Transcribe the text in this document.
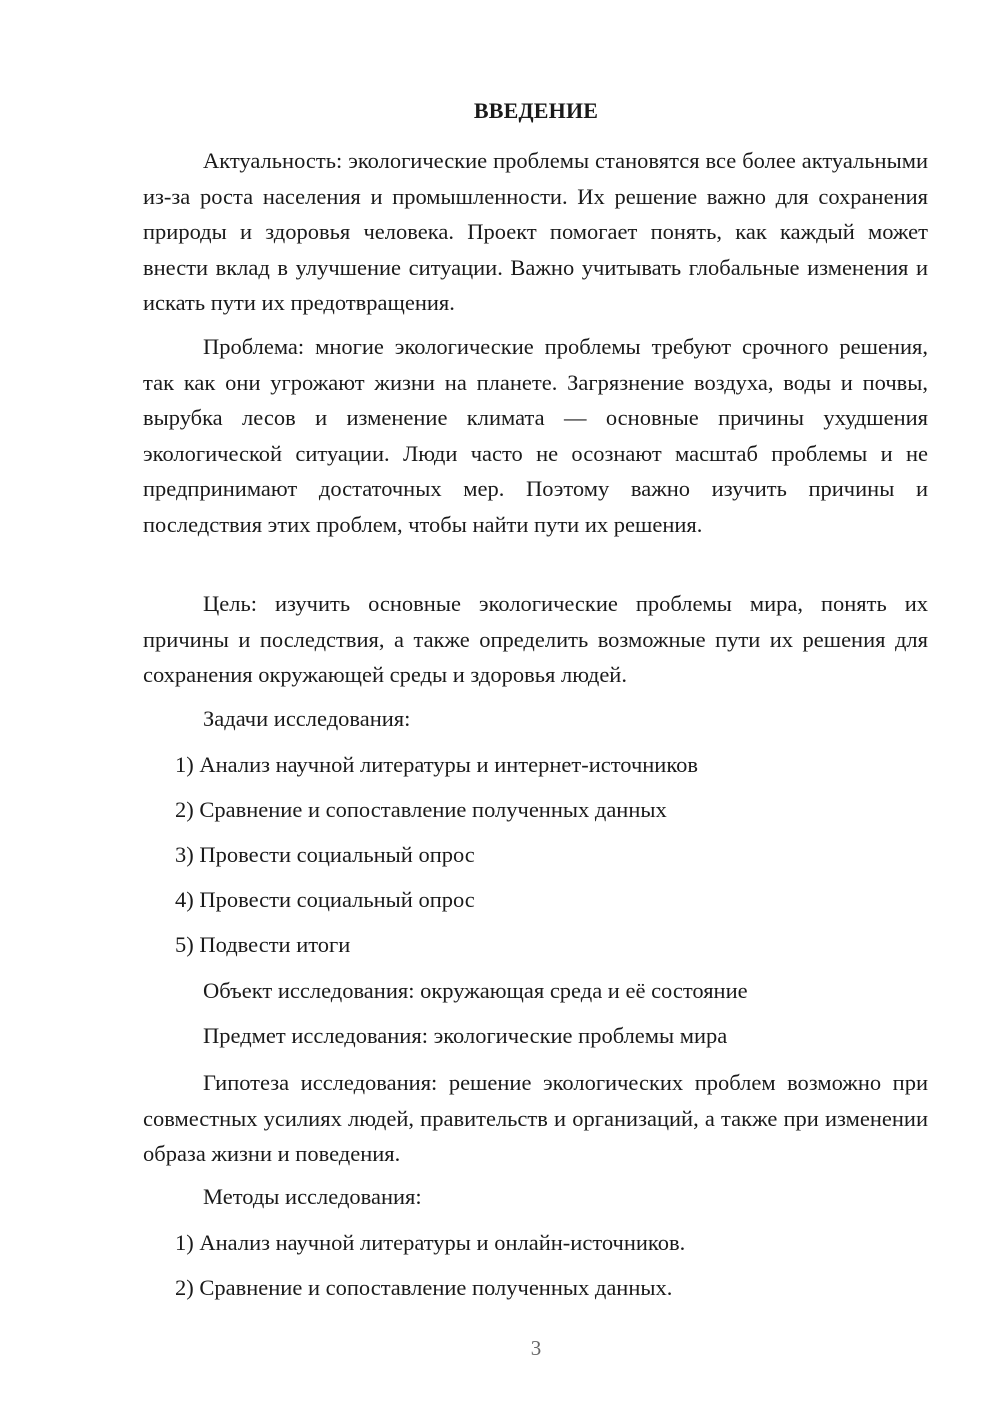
ВВЕДЕНИЕ

Актуальность: экологические проблемы становятся все более актуальными из-за роста населения и промышленности. Их решение важно для сохранения природы и здоровья человека. Проект помогает понять, как каждый может внести вклад в улучшение ситуации. Важно учитывать глобальные изменения и искать пути их предотвращения.

Проблема: многие экологические проблемы требуют срочного решения, так как они угрожают жизни на планете. Загрязнение воздуха, воды и почвы, вырубка лесов и изменение климата — основные причины ухудшения экологической ситуации. Люди часто не осознают масштаб проблемы и не предпринимают достаточных мер. Поэтому важно изучить причины и последствия этих проблем, чтобы найти пути их решения.

Цель: изучить основные экологические проблемы мира, понять их причины и последствия, а также определить возможные пути их решения для сохранения окружающей среды и здоровья людей.

Задачи исследования:
1) Анализ научной литературы и интернет-источников
2) Сравнение и сопоставление полученных данных
3) Провести социальный опрос
4) Провести социальный опрос
5) Подвести итоги
Объект исследования: окружающая среда и её состояние
Предмет исследования: экологические проблемы мира

Гипотеза исследования: решение экологических проблем возможно при совместных усилиях людей, правительств и организаций, а также при изменении образа жизни и поведения.

Методы исследования:
1) Анализ научной литературы и онлайн-источников.
2) Сравнение и сопоставление полученных данных.
3
